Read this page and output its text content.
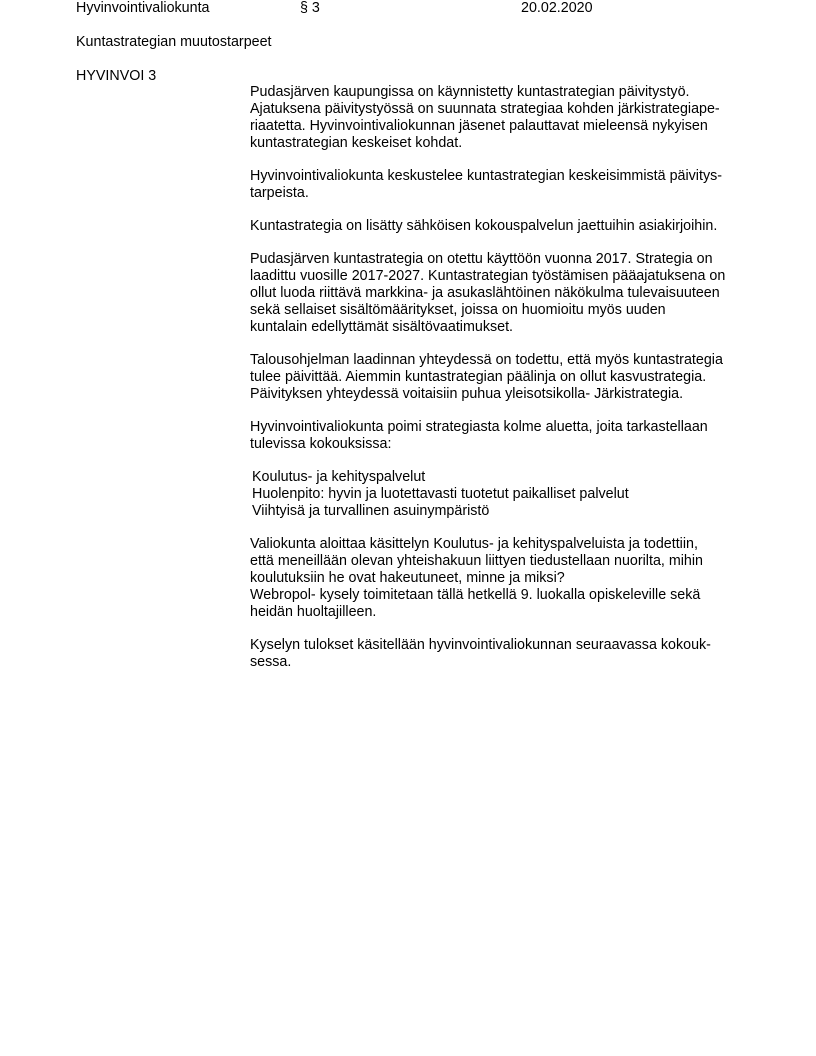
Hyvinvointivaliokunta	§ 3	20.02.2020
Kuntastrategian muutostarpeet
HYVINVOI 3
Pudasjärven kaupungissa on käynnistetty kuntastrategian päivitystyö.
Ajatuksena päivitystyössä on suunnata strategiaa kohden järkistrategiape-
riaatetta. Hyvinvointivaliokunnan jäsenet palauttavat mieleensä nykyisen
kuntastrategian keskeiset kohdat.
Hyvinvointivaliokunta keskustelee kuntastrategian keskeisimmistä päivitys-
tarpeista.
Kuntastrategia on lisätty sähköisen kokouspalvelun jaettuihin asiakirjoihin.
Pudasjärven kuntastrategia on otettu käyttöön vuonna 2017. Strategia on
laadittu vuosille 2017-2027. Kuntastrategian työstämisen pääajatuksena on
ollut luoda riittävä markkina- ja asukaslähtöinen näkökulma tulevaisuuteen
sekä sellaiset sisältömääritykset, joissa on huomioitu myös uuden
kuntalain edellyttämät sisältövaatimukset.
Talousohjelman laadinnan yhteydessä on todettu, että myös kuntastrategia
tulee päivittää. Aiemmin kuntastrategian päälinja on ollut kasvustrategia.
Päivityksen yhteydessä voitaisiin puhua yleisotsikolla- Järkistrategia.
Hyvinvointivaliokunta poimi strategiasta kolme aluetta, joita tarkastellaan
tulevissa kokouksissa:
Koulutus- ja kehityspalvelut
Huolenpito: hyvin ja luotettavasti tuotetut paikalliset palvelut
Viihtyisä ja turvallinen asuinympäristö
Valiokunta aloittaa käsittelyn Koulutus- ja kehityspalveluista ja todettiin,
että meneillään olevan yhteishakuun liittyen tiedustellaan nuorilta, mihin
koulutuksiin he ovat hakeutuneet, minne ja miksi?
Webropol- kysely toimitetaan tällä hetkellä 9. luokalla opiskeleville sekä
heidän huoltajilleen.
Kyselyn tulokset käsitellään hyvinvointivaliokunnan seuraavassa kokouk-
sessa.
